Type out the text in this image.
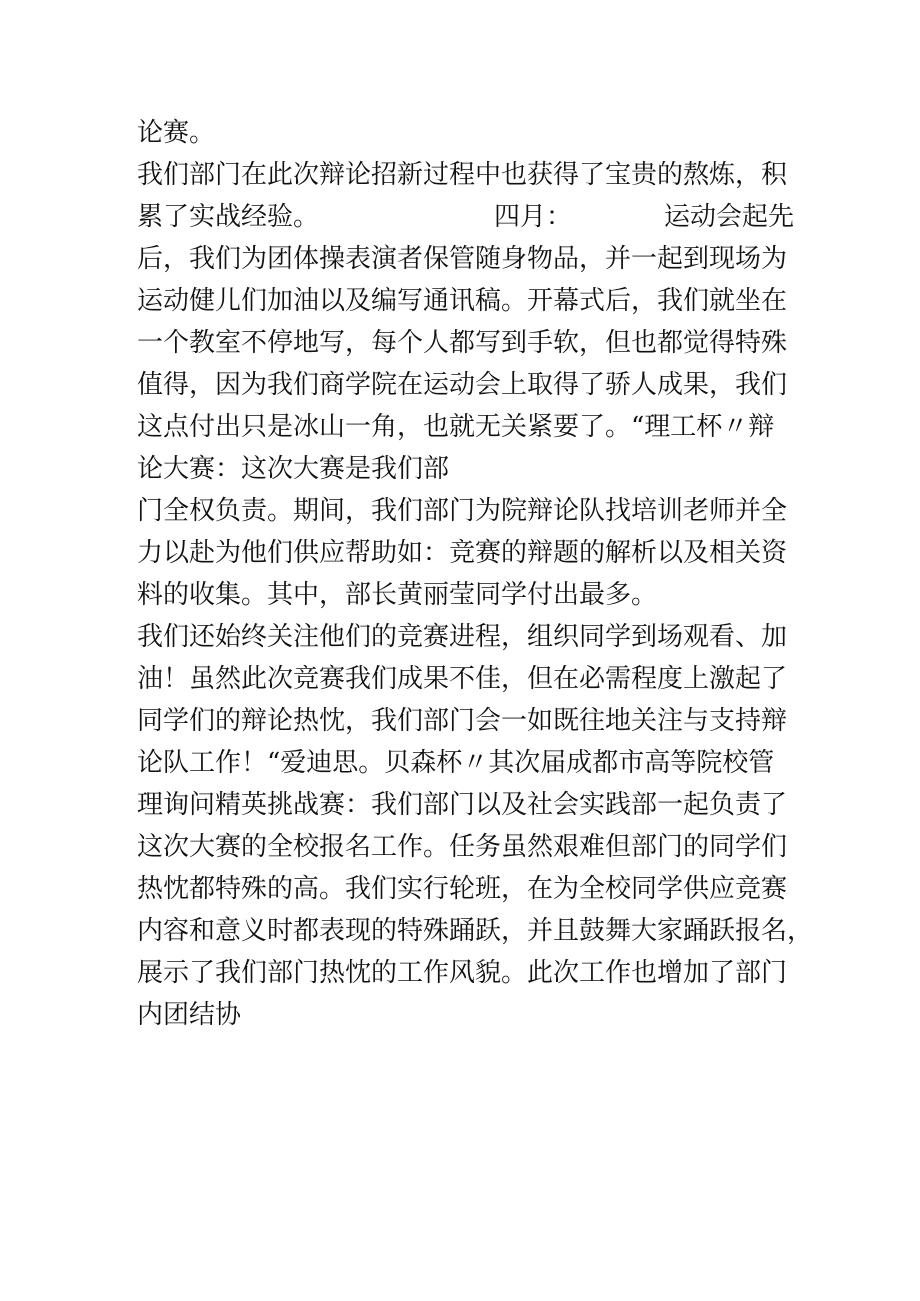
论赛。
我们部门在此次辩论招新过程中也获得了宝贵的熬炼，积
累了实战经验。	四月：	运动会起先
后，我们为团体操表演者保管随身物品，并一起到现场为
运动健儿们加油以及编写通讯稿。开幕式后，我们就坐在
一个教室不停地写，每个人都写到手软，但也都觉得特殊
值得，因为我们商学院在运动会上取得了骄人成果，我们
这点付出只是冰山一角，也就无关紧要了。“理工杯〃辩
论大赛：这次大赛是我们部
门全权负责。期间，我们部门为院辩论队找培训老师并全
力以赴为他们供应帮助如：竞赛的辩题的解析以及相关资
料的收集。其中，部长黄丽莹同学付出最多。
我们还始终关注他们的竞赛进程，组织同学到场观看、加
油！虽然此次竞赛我们成果不佳，但在必需程度上激起了
同学们的辩论热忱，我们部门会一如既往地关注与支持辩
论队工作！“爱迪思。贝森杯〃其次届成都市高等院校管
理询问精英挑战赛：我们部门以及社会实践部一起负责了
这次大赛的全校报名工作。任务虽然艰难但部门的同学们
热忱都特殊的高。我们实行轮班，在为全校同学供应竞赛
内容和意义时都表现的特殊踊跃，并且鼓舞大家踊跃报名，
展示了我们部门热忱的工作风貌。此次工作也增加了部门
内团结协
